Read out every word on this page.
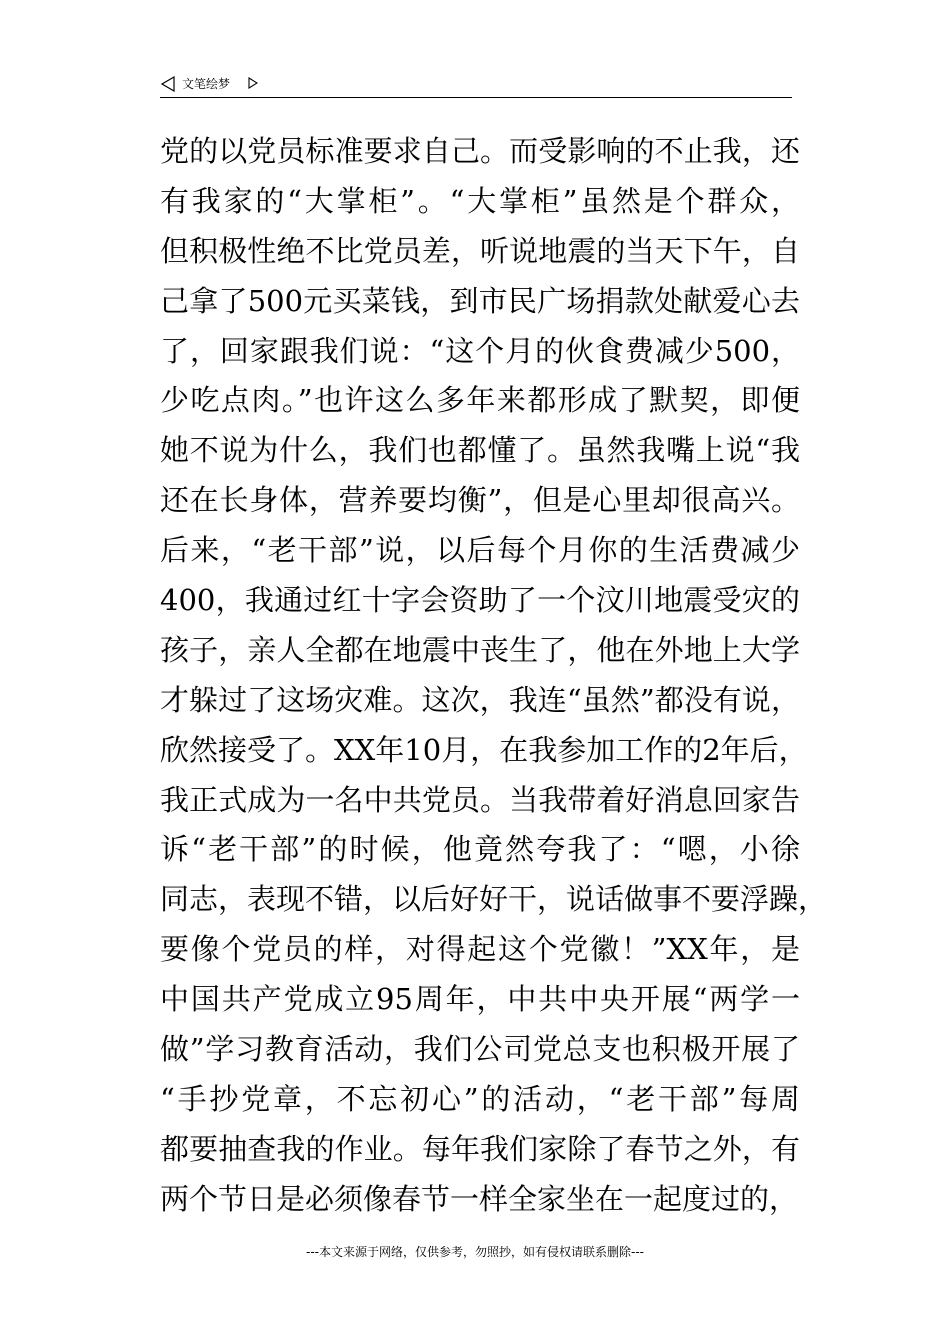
文笔绘梦
党的以党员标准要求自己。而受影响的不止我，还
有我家的“大掌柜”。“大掌柜”虽然是个群众，
但积极性绝不比党员差，听说地震的当天下午，自
己拿了500元买菜钱，到市民广场捐款处献爱心去
了，回家跟我们说：“这个月的伙食费减少500，
少吃点肉。”也许这么多年来都形成了默契，即便
她不说为什么，我们也都懂了。虽然我嘴上说“我
还在长身体，营养要均衡”，但是心里却很高兴。
后来，“老干部”说，以后每个月你的生活费减少
400，我通过红十字会资助了一个汶川地震受灾的
孩子，亲人全都在地震中丧生了，他在外地上大学
才躲过了这场灾难。这次，我连“虽然”都没有说，
欣然接受了。XX年10月，在我参加工作的2年后，
我正式成为一名中共党员。当我带着好消息回家告
诉“老干部”的时候，他竟然夸我了：“嗯，小徐
同志，表现不错，以后好好干，说话做事不要浮躁，
要像个党员的样，对得起这个党徽！”XX年，是
中国共产党成立95周年，中共中央开展“两学一
做”学习教育活动，我们公司党总支也积极开展了
“手抄党章，不忘初心”的活动，“老干部”每周
都要抽查我的作业。每年我们家除了春节之外，有
两个节日是必须像春节一样全家坐在一起度过的，
---本文来源于网络，仅供参考，勿照抄，如有侵权请联系删除---
